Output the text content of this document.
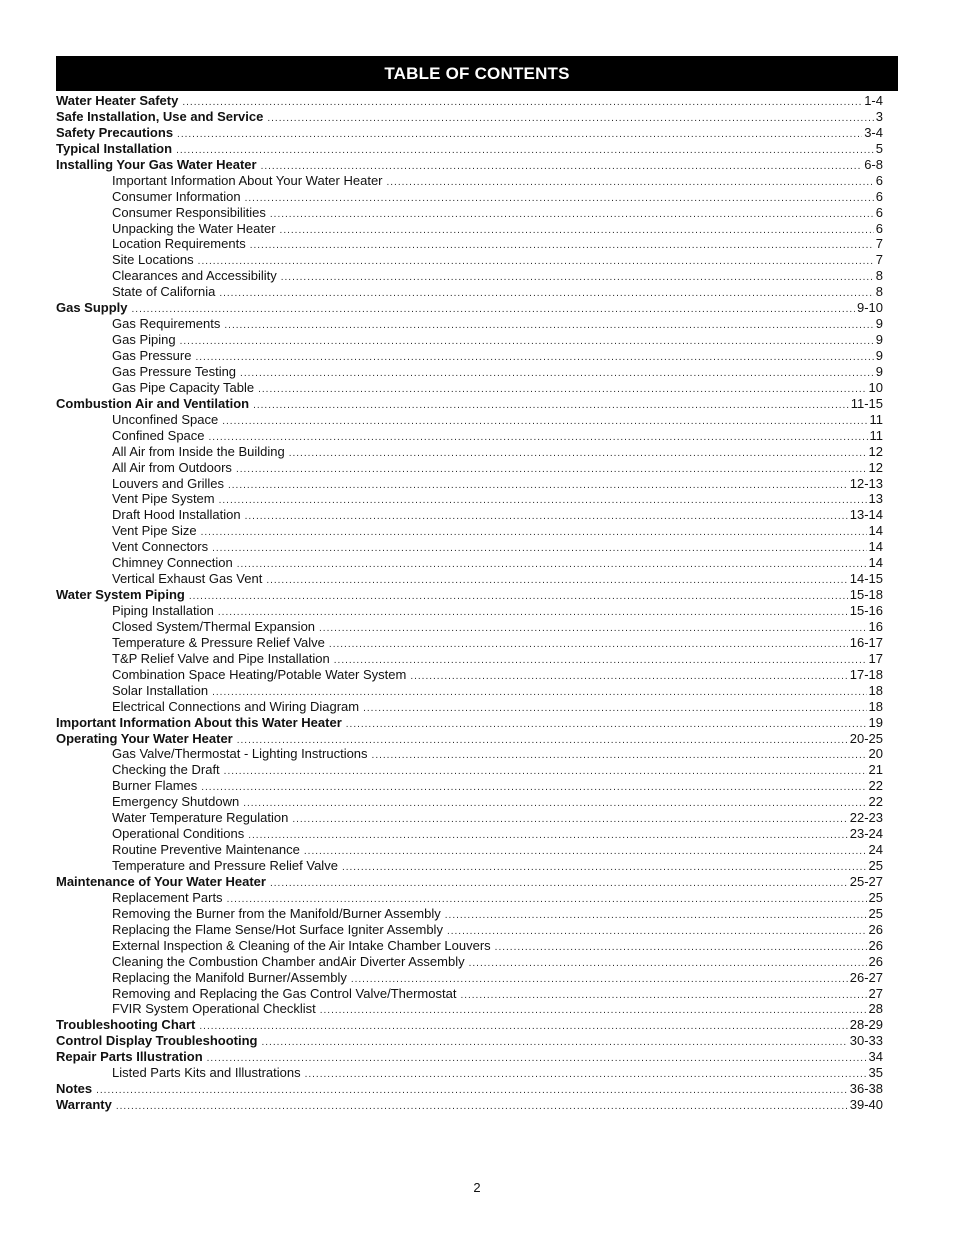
TABLE OF CONTENTS
Water Heater Safety .....	1-4
Safe Installation, Use and Service .....	3
Safety Precautions .....	3-4
Typical Installation .....	5
Installing Your Gas Water Heater .....	6-8
Important Information About Your Water Heater .....	6
Consumer Information .....	6
Consumer Responsibilities .....	6
Unpacking the Water Heater .....	6
Location Requirements .....	7
Site Locations .....	7
Clearances and Accessibility .....	8
State of California .....	8
Gas Supply .....	9-10
Gas Requirements .....	9
Gas Piping .....	9
Gas Pressure .....	9
Gas Pressure Testing .....	9
Gas Pipe Capacity Table .....	10
Combustion Air and Ventilation .....	11-15
Unconfined Space .....	11
Confined Space .....	11
All Air from Inside the Building .....	12
All Air from Outdoors .....	12
Louvers and Grilles .....	12-13
Vent Pipe System .....	13
Draft Hood Installation .....	13-14
Vent Pipe Size .....	14
Vent Connectors .....	14
Chimney Connection .....	14
Vertical Exhaust Gas Vent .....	14-15
Water System Piping .....	15-18
Piping Installation .....	15-16
Closed System/Thermal Expansion .....	16
Temperature & Pressure Relief Valve .....	16-17
T&P Relief Valve and Pipe Installation .....	17
Combination Space Heating/Potable Water System .....	17-18
Solar Installation .....	18
Electrical Connections and Wiring Diagram .....	18
Important Information About this Water Heater .....	19
Operating Your Water Heater .....	20-25
Gas Valve/Thermostat - Lighting Instructions .....	20
Checking the Draft .....	21
Burner Flames .....	22
Emergency Shutdown .....	22
Water Temperature Regulation .....	22-23
Operational Conditions .....	23-24
Routine Preventive Maintenance .....	24
Temperature and Pressure Relief Valve .....	25
Maintenance of Your Water Heater .....	25-27
Replacement Parts .....	25
Removing the Burner from the Manifold/Burner Assembly .....	25
Replacing the Flame Sense/Hot Surface Igniter Assembly .....	26
External Inspection & Cleaning of the Air Intake Chamber Louvers .....	26
Cleaning the Combustion Chamber andAir Diverter Assembly .....	26
Replacing the Manifold Burner/Assembly .....	26-27
Removing and Replacing the Gas Control Valve/Thermostat .....	27
FVIR System Operational Checklist .....	28
Troubleshooting Chart .....	28-29
Control Display Troubleshooting .....	30-33
Repair Parts Illustration .....	34
Listed Parts Kits and Illustrations .....	35
Notes .....	36-38
Warranty .....	39-40
2
